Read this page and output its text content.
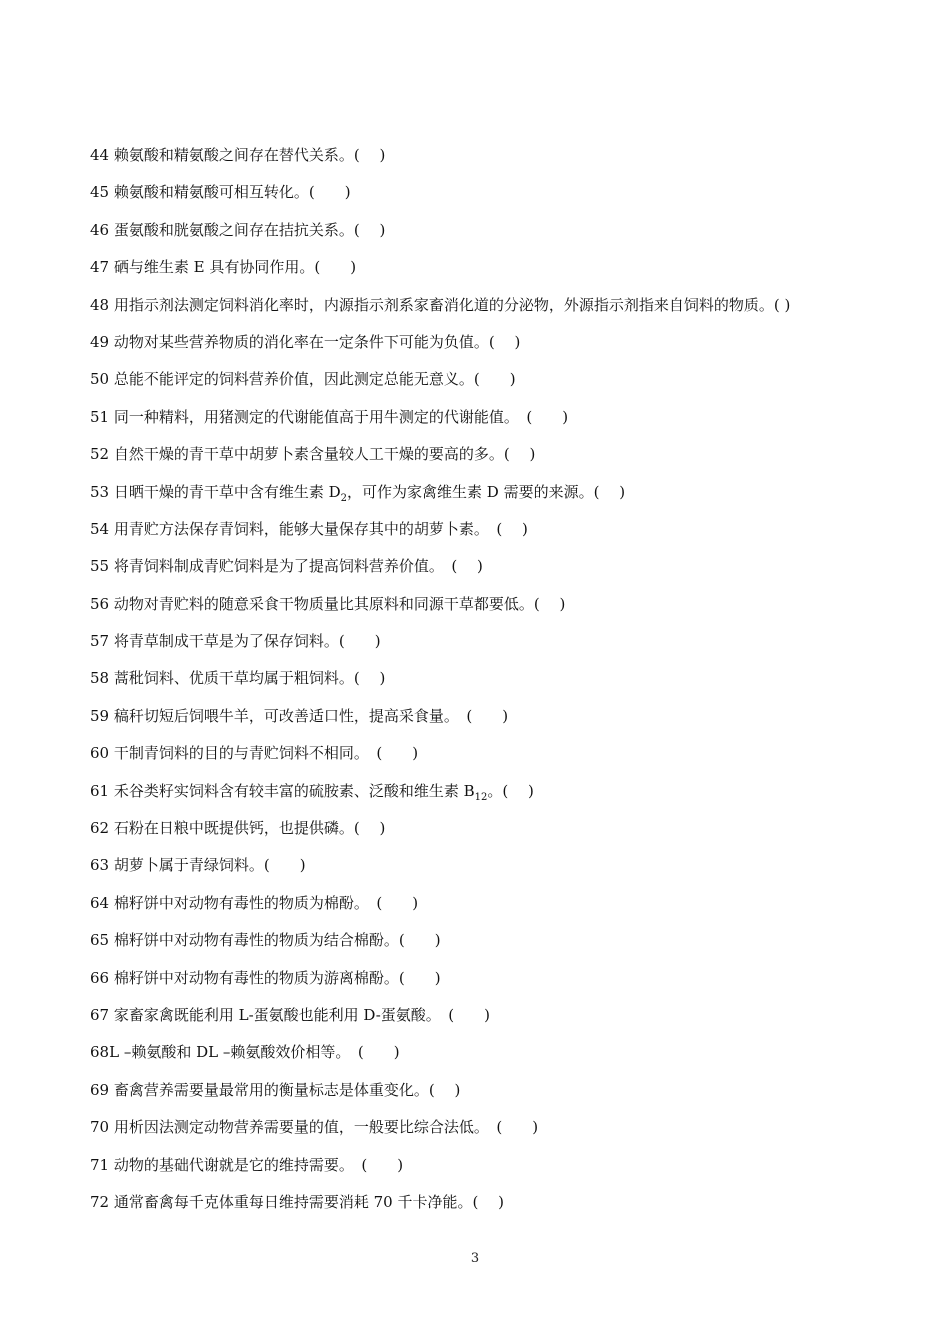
44 赖氨酸和精氨酸之间存在替代关系。(　 )
45 赖氨酸和精氨酸可相互转化。(　　)
46 蛋氨酸和胱氨酸之间存在拮抗关系。(　 )
47 硒与维生素 E 具有协同作用。(　　)
48 用指示剂法测定饲料消化率时，内源指示剂系家畜消化道的分泌物，外源指示剂指来自饲料的物质。( )
49 动物对某些营养物质的消化率在一定条件下可能为负值。(　 )
50 总能不能评定的饲料营养价值，因此测定总能无意义。(　　)
51 同一种精料，用猪测定的代谢能值高于用牛测定的代谢能值。　(　　)
52 自然干燥的青干草中胡萝卜素含量较人工干燥的要高的多。(　 )
53 日晒干燥的青干草中含有维生素 $D_2$，可作为家禽维生素 D 需要的来源。(　 )
54 用青贮方法保存青饲料，能够大量保存其中的胡萝卜素。　(　 )
55 将青饲料制成青贮饲料是为了提高饲料营养价值。　(　 )
56 动物对青贮料的随意采食干物质量比其原料和同源干草都要低。(　 )
57 将青草制成干草是为了保存饲料。(　　)
58 蒿秕饲料、优质干草均属于粗饲料。(　 )
59 稿秆切短后饲喂牛羊，可改善适口性，提高采食量。　(　　)
60 干制青饲料的目的与青贮饲料不相同。　(　　)
61 禾谷类籽实饲料含有较丰富的硫胺素、泛酸和维生素 $B_{12}$。(　 )
62 石粉在日粮中既提供钙，也提供磷。(　 )
63 胡萝卜属于青绿饲料。(　　)
64 棉籽饼中对动物有毒性的物质为棉酚。　(　　)
65 棉籽饼中对动物有毒性的物质为结合棉酚。(　　)
66 棉籽饼中对动物有毒性的物质为游离棉酚。(　　)
67 家畜家禽既能利用 L-蛋氨酸也能利用 D-蛋氨酸。　(　　)
68L –赖氨酸和 DL –赖氨酸效价相等。　(　　)
69 畜禽营养需要量最常用的衡量标志是体重变化。(　 )
70 用析因法测定动物营养需要量的值，一般要比综合法低。　(　　)
71 动物的基础代谢就是它的维持需要。　(　　)
72 通常畜禽每千克体重每日维持需要消耗 70 千卡净能。(　 )
3
